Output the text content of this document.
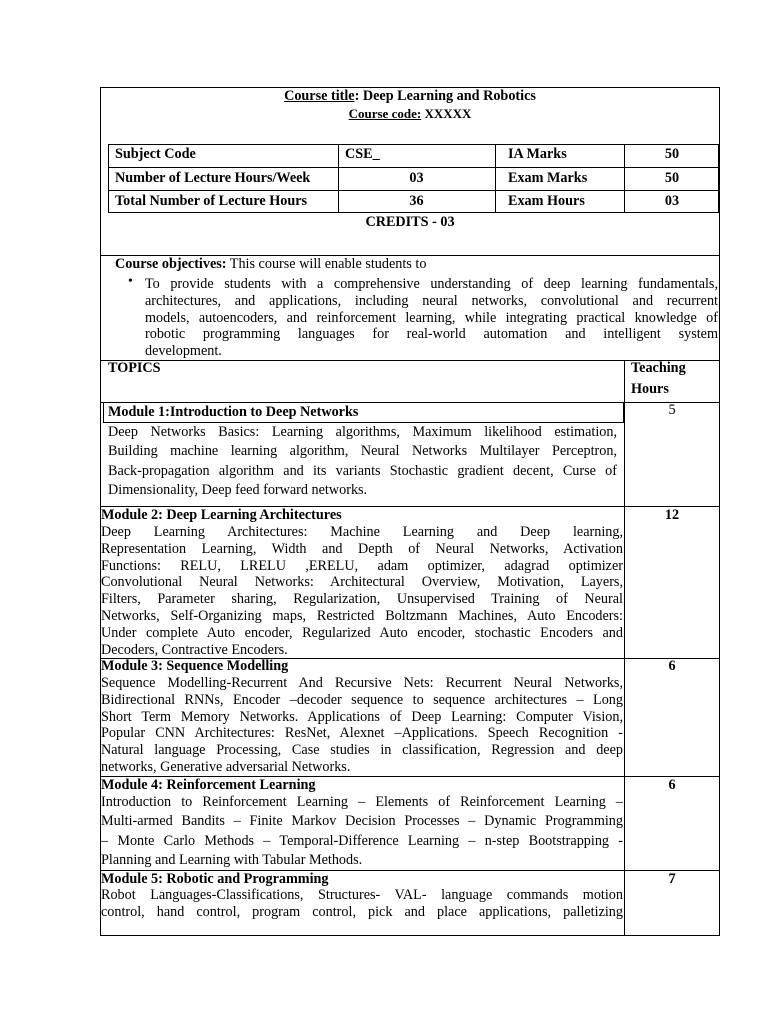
Course title: Deep Learning and Robotics
Course code: XXXXX
Subject Code	CSE_	IA Marks	50
Number of Lecture Hours/Week	03	Exam Marks	50
Total Number of Lecture Hours	36	Exam Hours	03
CREDITS - 03
Course objectives: This course will enable students to
• To provide students with a comprehensive understanding of deep learning fundamentals,
architectures, and applications, including neural networks, convolutional and recurrent
models, autoencoders, and reinforcement learning, while integrating practical knowledge of
robotic programming languages for real-world automation and intelligent system
development.
TOPICS	Teaching
Hours
Module 1:Introduction to Deep Networks	5
Deep Networks Basics: Learning algorithms, Maximum likelihood estimation,
Building machine learning algorithm, Neural Networks Multilayer Perceptron,
Back-propagation algorithm and its variants Stochastic gradient decent, Curse of
Dimensionality, Deep feed forward networks.
Module 2: Deep Learning Architectures	12
Deep Learning Architectures: Machine Learning and Deep learning,
Representation Learning, Width and Depth of Neural Networks, Activation
Functions: RELU, LRELU ,ERELU, adam optimizer, adagrad optimizer
Convolutional Neural Networks: Architectural Overview, Motivation, Layers,
Filters, Parameter sharing, Regularization, Unsupervised Training of Neural
Networks, Self-Organizing maps, Restricted Boltzmann Machines, Auto Encoders:
Under complete Auto encoder, Regularized Auto encoder, stochastic Encoders and
Decoders, Contractive Encoders.
Module 3: Sequence Modelling	6
Sequence Modelling-Recurrent And Recursive Nets: Recurrent Neural Networks,
Bidirectional RNNs, Encoder –decoder sequence to sequence architectures – Long
Short Term Memory Networks. Applications of Deep Learning: Computer Vision,
Popular CNN Architectures: ResNet, Alexnet –Applications. Speech Recognition -
Natural language Processing, Case studies in classification, Regression and deep
networks, Generative adversarial Networks.
Module 4: Reinforcement Learning	6
Introduction to Reinforcement Learning – Elements of Reinforcement Learning –
Multi-armed Bandits – Finite Markov Decision Processes – Dynamic Programming
– Monte Carlo Methods – Temporal-Difference Learning – n-step Bootstrapping -
Planning and Learning with Tabular Methods.
Module 5: Robotic and Programming	7
Robot Languages-Classifications, Structures- VAL- language commands motion
control, hand control, program control, pick and place applications, palletizing
